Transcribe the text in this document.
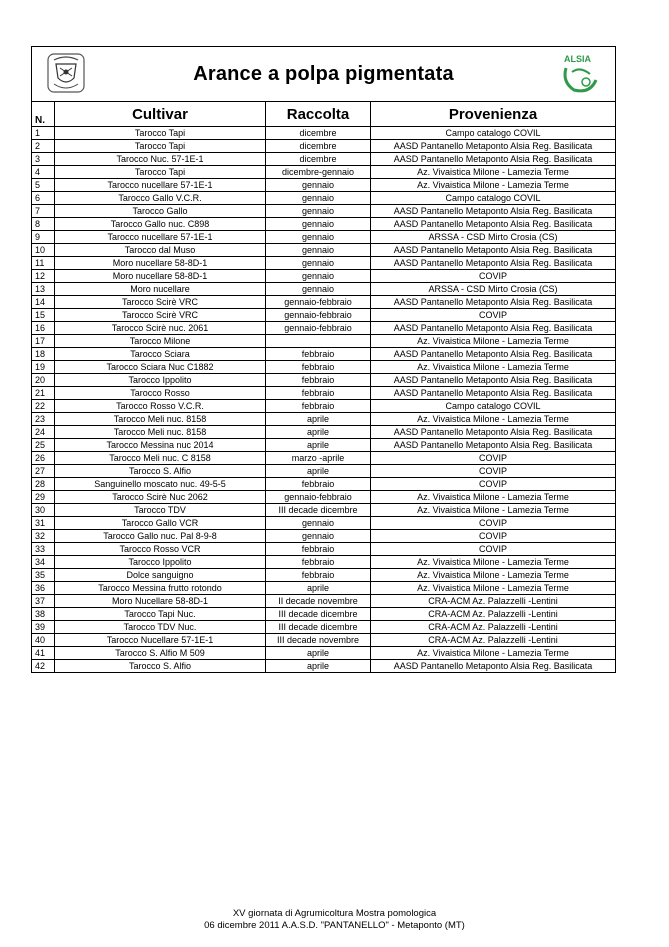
Arance a polpa pigmentata			
N.	Cultivar	Raccolta	Provenienza
1	Tarocco Tapi	dicembre	Campo catalogo COVIL
2	Tarocco Tapi	dicembre	AASD Pantanello Metaponto Alsia Reg. Basilicata
3	Tarocco Nuc. 57-1E-1	dicembre	AASD Pantanello Metaponto Alsia Reg. Basilicata
4	Tarocco Tapi	dicembre-gennaio	Az. Vivaistica Milone - Lamezia Terme
5	Tarocco nucellare 57-1E-1	gennaio	Az. Vivaistica Milone - Lamezia Terme
6	Tarocco Gallo V.C.R.	gennaio	Campo catalogo COVIL
7	Tarocco Gallo	gennaio	AASD Pantanello Metaponto Alsia Reg. Basilicata
8	Tarocco Gallo nuc. C898	gennaio	AASD Pantanello Metaponto Alsia Reg. Basilicata
9	Tarocco nucellare 57-1E-1	gennaio	ARSSA - CSD Mirto Crosia (CS)
10	Tarocco dal Muso	gennaio	AASD Pantanello Metaponto Alsia Reg. Basilicata
11	Moro nucellare 58-8D-1	gennaio	AASD Pantanello Metaponto Alsia Reg. Basilicata
12	Moro nucellare 58-8D-1	gennaio	COVIP
13	Moro nucellare	gennaio	ARSSA - CSD Mirto Crosia (CS)
14	Tarocco Scirè VRC	gennaio-febbraio	AASD Pantanello Metaponto Alsia Reg. Basilicata
15	Tarocco Scirè VRC	gennaio-febbraio	COVIP
16	Tarocco Scirè nuc. 2061	gennaio-febbraio	AASD Pantanello Metaponto Alsia Reg. Basilicata
17	Tarocco Milone		Az. Vivaistica Milone - Lamezia Terme
18	Tarocco Sciara	febbraio	AASD Pantanello Metaponto Alsia Reg. Basilicata
19	Tarocco Sciara Nuc C1882	febbraio	Az. Vivaistica Milone - Lamezia Terme
20	Tarocco Ippolito	febbraio	AASD Pantanello Metaponto Alsia Reg. Basilicata
21	Tarocco Rosso	febbraio	AASD Pantanello Metaponto Alsia Reg. Basilicata
22	Tarocco Rosso V.C.R.	febbraio	Campo catalogo COVIL
23	Tarocco Meli nuc. 8158	aprile	Az. Vivaistica Milone - Lamezia Terme
24	Tarocco Meli nuc. 8158	aprile	AASD Pantanello Metaponto Alsia Reg. Basilicata
25	Tarocco Messina nuc 2014	aprile	AASD Pantanello Metaponto Alsia Reg. Basilicata
26	Tarocco Meli nuc. C 8158	marzo -aprile	COVIP
27	Tarocco S. Alfio	aprile	COVIP
28	Sanguinello moscato nuc. 49-5-5	febbraio	COVIP
29	Tarocco Scirè Nuc 2062	gennaio-febbraio	Az. Vivaistica Milone - Lamezia Terme
30	Tarocco TDV	III decade dicembre	Az. Vivaistica Milone - Lamezia Terme
31	Tarocco Gallo VCR	gennaio	COVIP
32	Tarocco Gallo nuc. Pal 8-9-8	gennaio	COVIP
33	Tarocco Rosso VCR	febbraio	COVIP
34	Tarocco Ippolito	febbraio	Az. Vivaistica Milone - Lamezia Terme
35	Dolce sanguigno	febbraio	Az. Vivaistica Milone - Lamezia Terme
36	Tarocco Messina frutto rotondo	aprile	Az. Vivaistica Milone - Lamezia Terme
37	Moro Nucellare 58-8D-1	II decade novembre	CRA-ACM Az. Palazzelli -Lentini
38	Tarocco Tapi Nuc.	III decade dicembre	CRA-ACM Az. Palazzelli -Lentini
39	Tarocco TDV Nuc.	III decade dicembre	CRA-ACM Az. Palazzelli -Lentini
40	Tarocco Nucellare 57-1E-1	III decade novembre	CRA-ACM Az. Palazzelli -Lentini
41	Tarocco S. Alfio M 509	aprile	Az. Vivaistica Milone - Lamezia Terme
42	Tarocco S. Alfio	aprile	AASD Pantanello Metaponto Alsia Reg. Basilicata
ALSIA
XV giornata di Agrumicoltura Mostra pomologica
06 dicembre 2011 A.A.S.D. "PANTANELLO" - Metaponto (MT)
